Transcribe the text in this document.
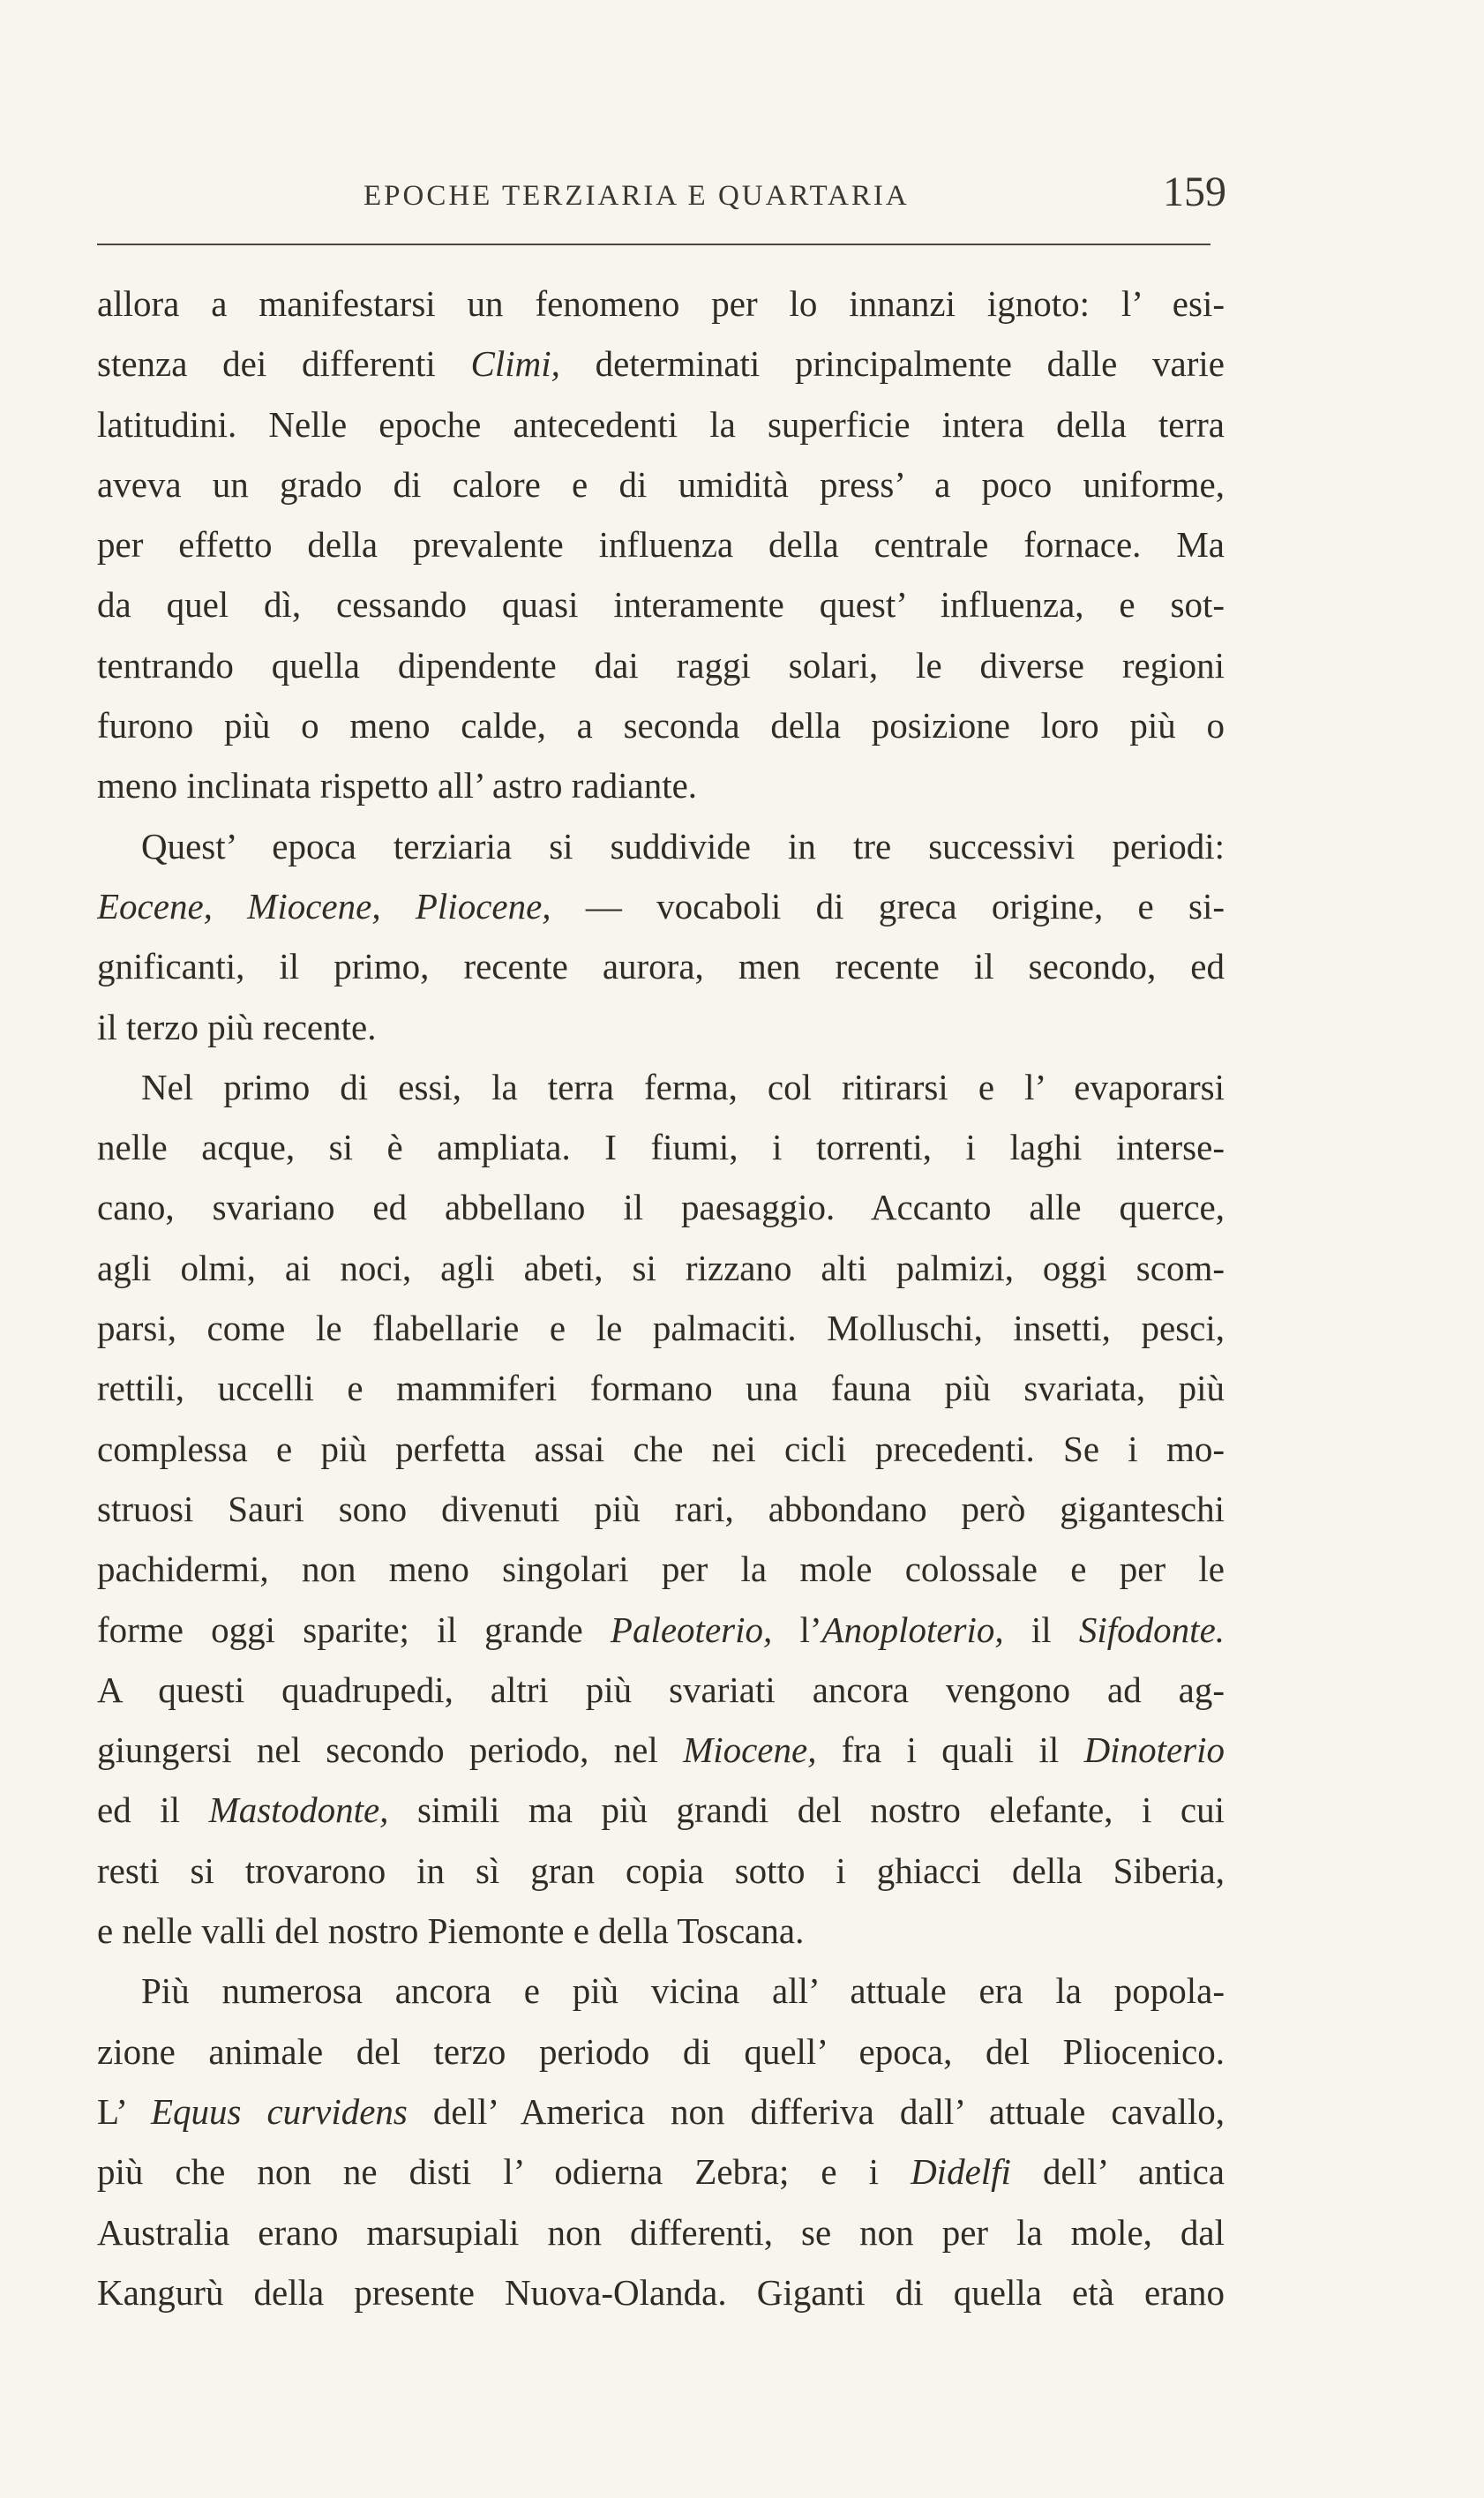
EPOCHE TERZIARIA E QUARTARIA	159
allora a manifestarsi un fenomeno per lo innanzi ignoto: l’ esi-
stenza dei differenti Climi, determinati principalmente dalle varie
latitudini. Nelle epoche antecedenti la superficie intera della terra
aveva un grado di calore e di umidità press’ a poco uniforme,
per effetto della prevalente influenza della centrale fornace. Ma
da quel dì, cessando quasi interamente quest’ influenza, e sot-
tentrando quella dipendente dai raggi solari, le diverse regioni
furono più o meno calde, a seconda della posizione loro più o
meno inclinata rispetto all’ astro radiante.
Quest’ epoca terziaria si suddivide in tre successivi periodi:
Eocene, Miocene, Pliocene, — vocaboli di greca origine, e si-
gnificanti, il primo, recente aurora, men recente il secondo, ed
il terzo più recente.
Nel primo di essi, la terra ferma, col ritirarsi e l’ evaporarsi
nelle acque, si è ampliata. I fiumi, i torrenti, i laghi interse-
cano, svariano ed abbellano il paesaggio. Accanto alle querce,
agli olmi, ai noci, agli abeti, si rizzano alti palmizi, oggi scom-
parsi, come le flabellarie e le palmaciti. Molluschi, insetti, pesci,
rettili, uccelli e mammiferi formano una fauna più svariata, più
complessa e più perfetta assai che nei cicli precedenti. Se i mo-
struosi Sauri sono divenuti più rari, abbondano però giganteschi
pachidermi, non meno singolari per la mole colossale e per le
forme oggi sparite; il grande Paleoterio, l’Anoploterio, il Sifodonte.
A questi quadrupedi, altri più svariati ancora vengono ad ag-
giungersi nel secondo periodo, nel Miocene, fra i quali il Dinoterio
ed il Mastodonte, simili ma più grandi del nostro elefante, i cui
resti si trovarono in sì gran copia sotto i ghiacci della Siberia,
e nelle valli del nostro Piemonte e della Toscana.
Più numerosa ancora e più vicina all’ attuale era la popola-
zione animale del terzo periodo di quell’ epoca, del Pliocenico.
L’ Equus curvidens dell’ America non differiva dall’ attuale cavallo,
più che non ne disti l’ odierna Zebra; e i Didelfi dell’ antica
Australia erano marsupiali non differenti, se non per la mole, dal
Kangurù della presente Nuova-Olanda. Giganti di quella età erano
